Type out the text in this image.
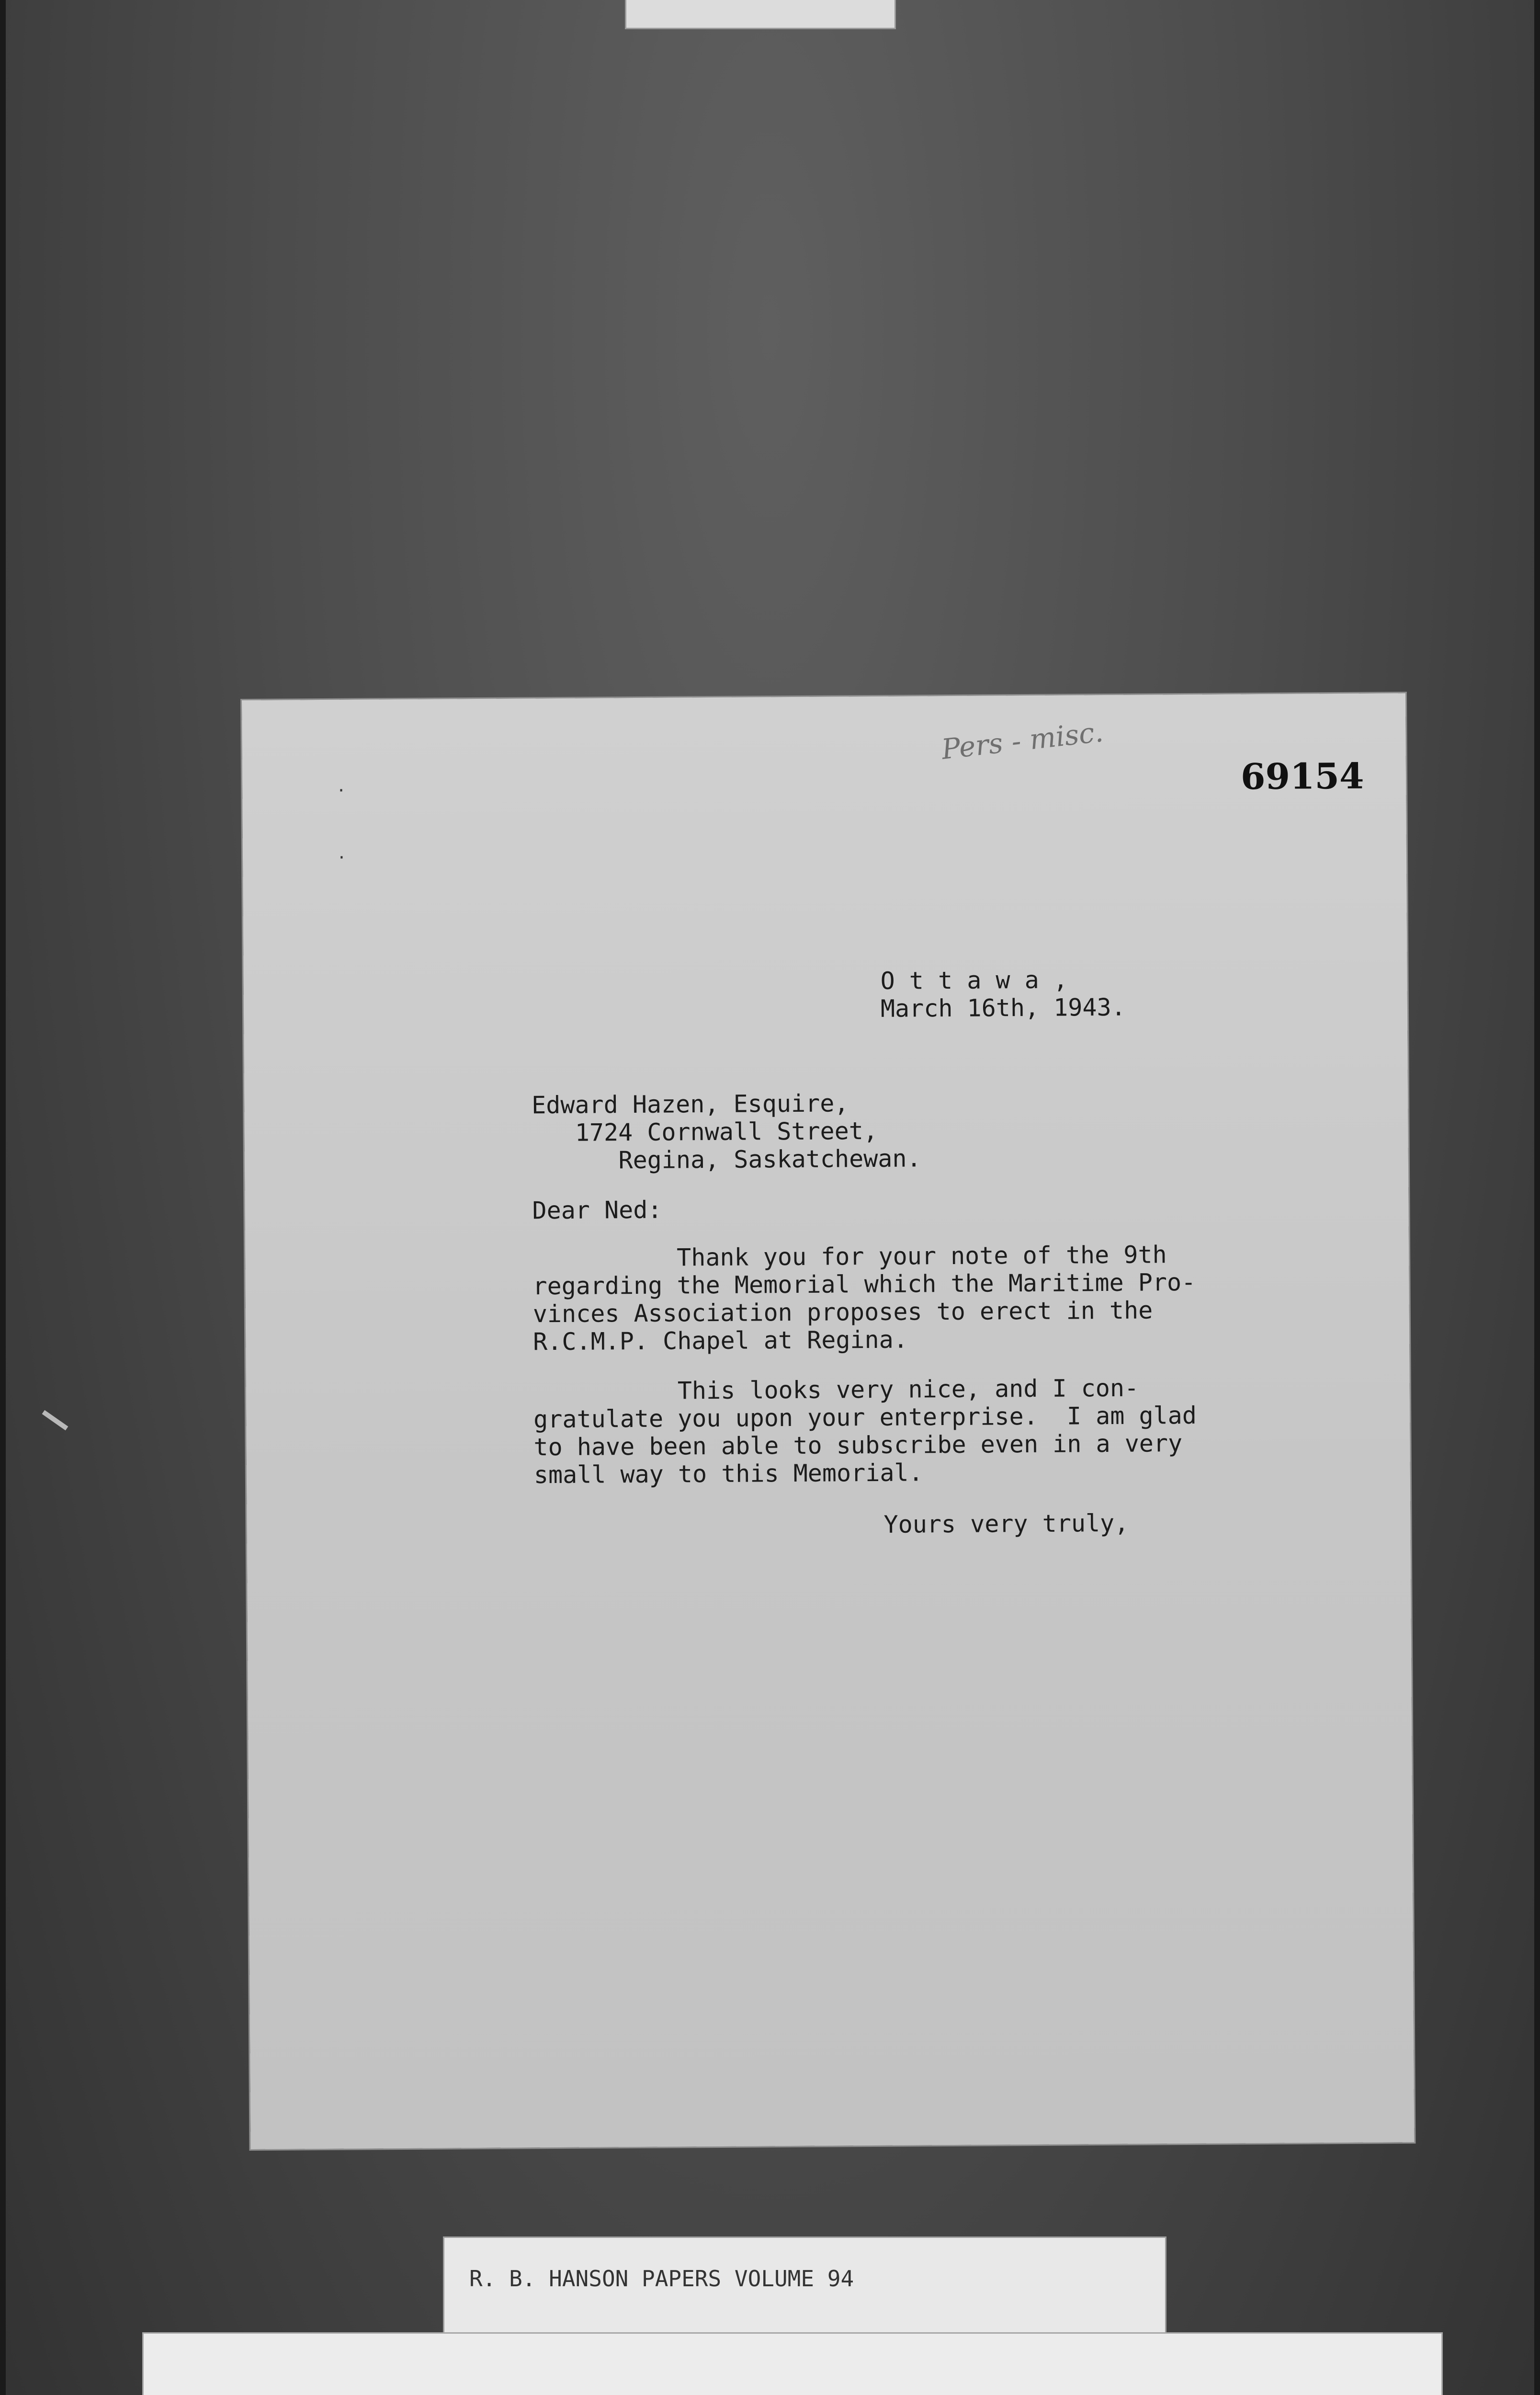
Pers - misc.
69154
·
·
O t t a w a ,
March 16th, 1943.
Edward Hazen, Esquire,
1724 Cornwall Street,
Regina, Saskatchewan.
Dear Ned:
Thank you for your note of the 9th
regarding the Memorial which the Maritime Pro-
vinces Association proposes to erect in the
R.C.M.P. Chapel at Regina.
This looks very nice, and I con-
gratulate you upon your enterprise.  I am glad
to have been able to subscribe even in a very
small way to this Memorial.
Yours very truly,
R. B. HANSON PAPERS VOLUME 94
